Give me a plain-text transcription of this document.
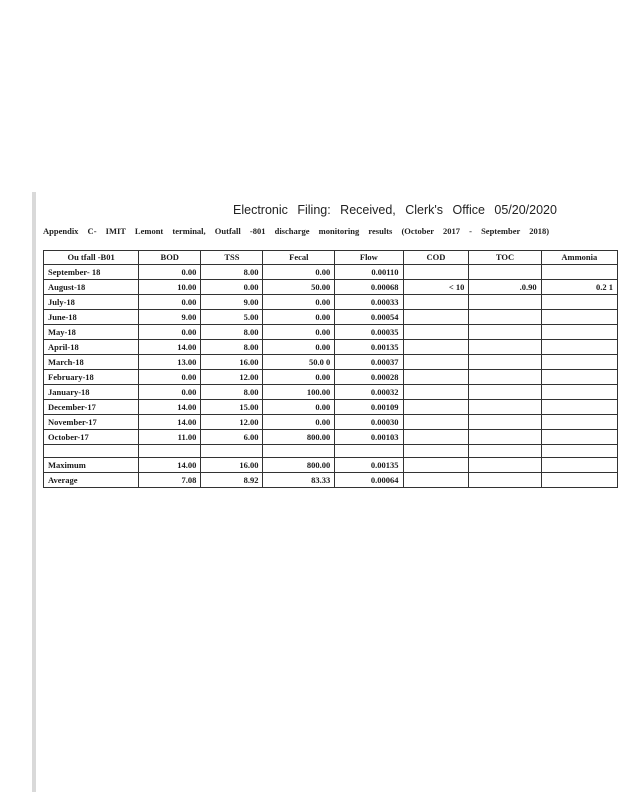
Electronic Filing: Received, Clerk's Office 05/20/2020
Appendix C- IMIT Lemont terminal, Outfall -801 discharge monitoring results (October 2017 - September 2018)
Ou tfall -B01	BOD	TSS	Fecal	Flow	COD	TOC	Ammonia
September- 18	0.00	8.00	0.00	0.00110			
August-18	10.00	0.00	50.00	0.00068	< 10	.0.90	0.2 1
July-18	0.00	9.00	0.00	0.00033			
June-18	9.00	5.00	0.00	0.00054			
May-18	0.00	8.00	0.00	0.00035			
April-18	14.00	8.00	0.00	0.00135			
March-18	13.00	16.00	50.0 0	0.00037			
February-18	0.00	12.00	0.00	0.00028			
January-18	0.00	8.00	100.00	0.00032			
December-17	14.00	15.00	0.00	0.00109			
November-17	14.00	12.00	0.00	0.00030			
October-17	11.00	6.00	800.00	0.00103			

Maximum	14.00	16.00	800.00	0.00135			
Average	7.08	8.92	83.33	0.00064			
